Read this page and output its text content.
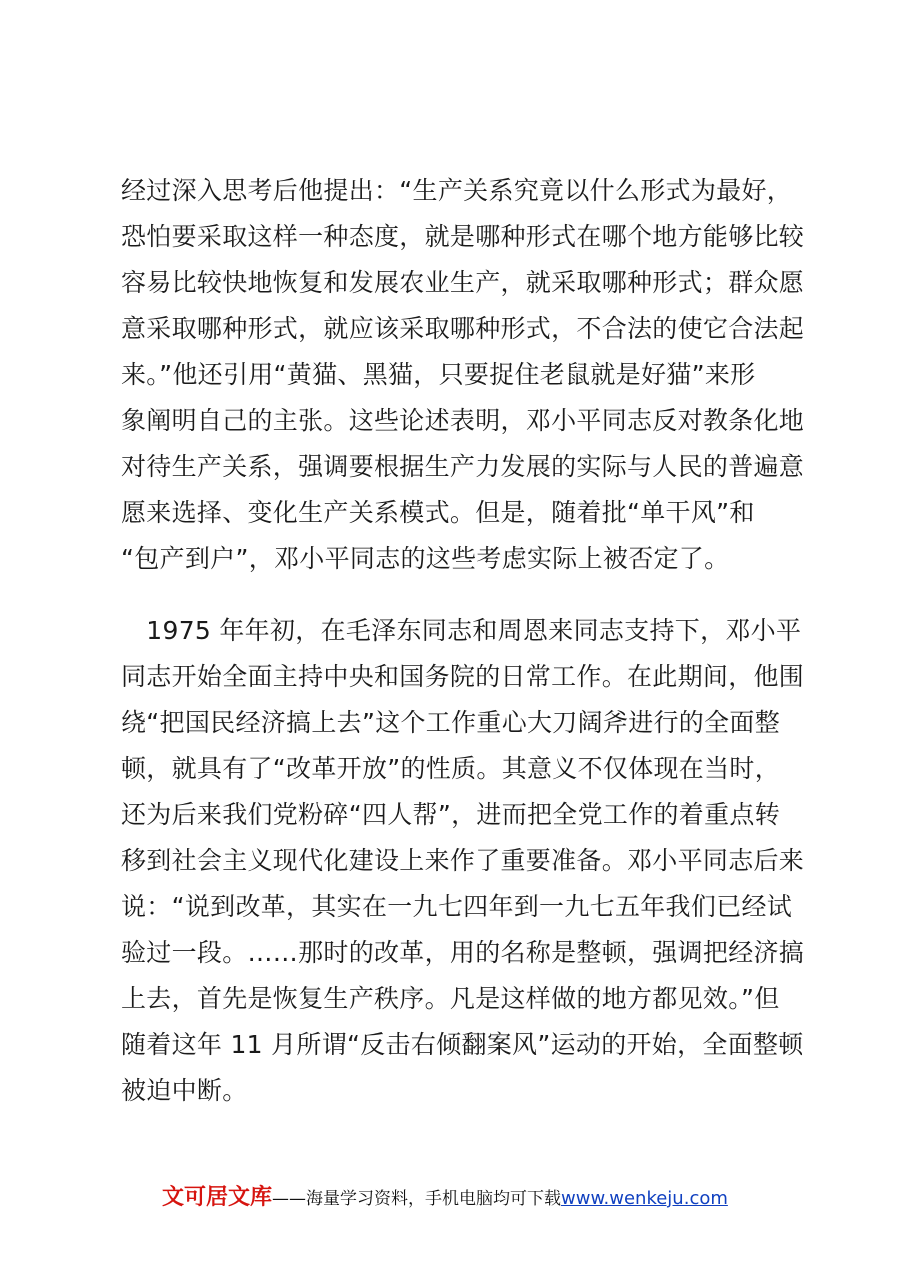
经过深入思考后他提出：“生产关系究竟以什么形式为最好，
恐怕要采取这样一种态度，就是哪种形式在哪个地方能够比较
容易比较快地恢复和发展农业生产，就采取哪种形式；群众愿
意采取哪种形式，就应该采取哪种形式，不合法的使它合法起
来。”他还引用“黄猫、黑猫，只要捉住老鼠就是好猫”来形
象阐明自己的主张。这些论述表明，邓小平同志反对教条化地
对待生产关系，强调要根据生产力发展的实际与人民的普遍意
愿来选择、变化生产关系模式。但是，随着批“单干风”和
“包产到户”，邓小平同志的这些考虑实际上被否定了。
　1975 年年初，在毛泽东同志和周恩来同志支持下，邓小平
同志开始全面主持中央和国务院的日常工作。在此期间，他围
绕“把国民经济搞上去”这个工作重心大刀阔斧进行的全面整
顿，就具有了“改革开放”的性质。其意义不仅体现在当时，
还为后来我们党粉碎“四人帮”，进而把全党工作的着重点转
移到社会主义现代化建设上来作了重要准备。邓小平同志后来
说：“说到改革，其实在一九七四年到一九七五年我们已经试
验过一段。……那时的改革，用的名称是整顿，强调把经济搞
上去，首先是恢复生产秩序。凡是这样做的地方都见效。”但
随着这年 11 月所谓“反击右倾翻案风”运动的开始，全面整顿
被迫中断。
文可居文库——海量学习资料，手机电脑均可下载www.wenkeju.com
